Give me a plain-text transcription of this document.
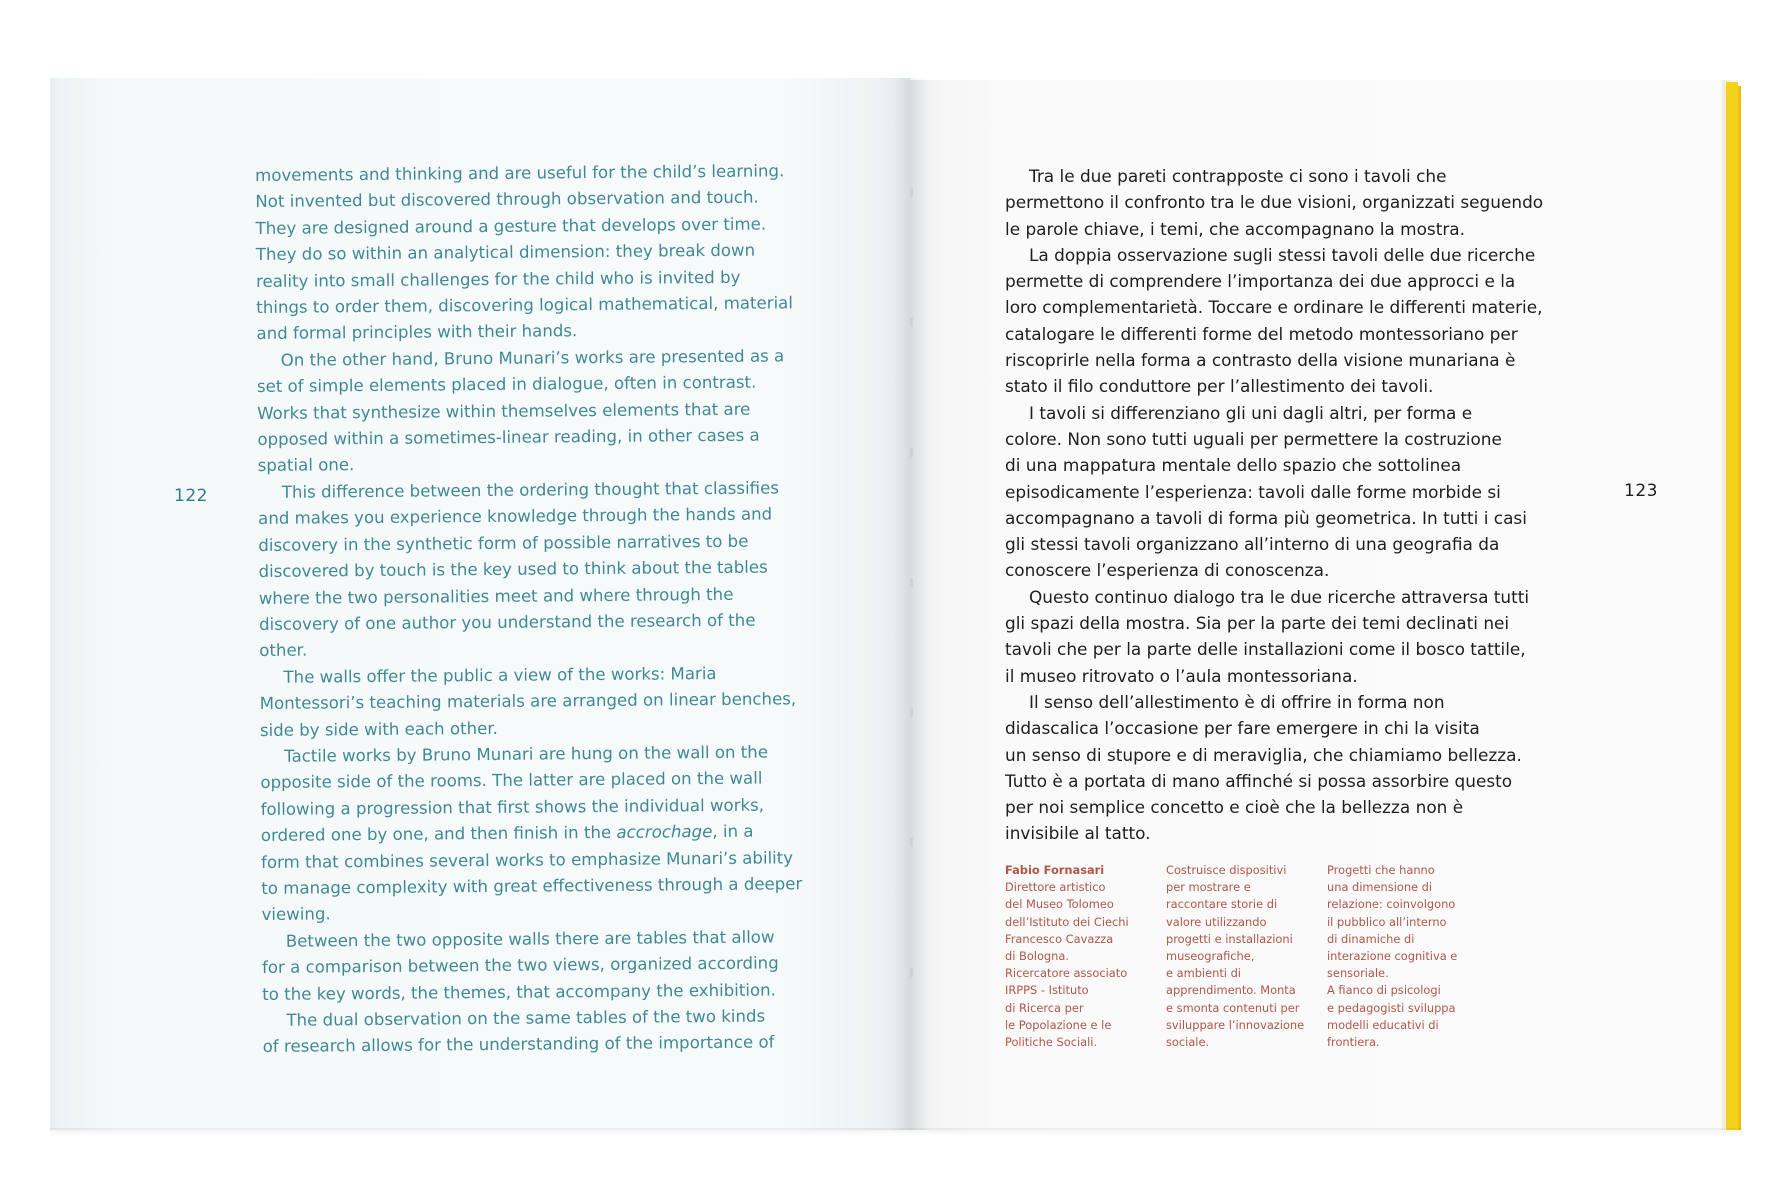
122	123

movements and thinking and are useful for the child’s learning.
Not invented but discovered through observation and touch.
They are designed around a gesture that develops over time.
They do so within an analytical dimension: they break down
reality into small challenges for the child who is invited by
things to order them, discovering logical mathematical, material
and formal principles with their hands.

On the other hand, Bruno Munari’s works are presented as a
set of simple elements placed in dialogue, often in contrast.
Works that synthesize within themselves elements that are
opposed within a sometimes-linear reading, in other cases a
spatial one.

This difference between the ordering thought that classifies
and makes you experience knowledge through the hands and
discovery in the synthetic form of possible narratives to be
discovered by touch is the key used to think about the tables
where the two personalities meet and where through the
discovery of one author you understand the research of the
other.

The walls offer the public a view of the works: Maria
Montessori’s teaching materials are arranged on linear benches,
side by side with each other.

Tactile works by Bruno Munari are hung on the wall on the
opposite side of the rooms. The latter are placed on the wall
following a progression that first shows the individual works,
ordered one by one, and then finish in the accrochage, in a
form that combines several works to emphasize Munari’s ability
to manage complexity with great effectiveness through a deeper
viewing.

Between the two opposite walls there are tables that allow
for a comparison between the two views, organized according
to the key words, the themes, that accompany the exhibition.

The dual observation on the same tables of the two kinds
of research allows for the understanding of the importance of

Tra le due pareti contrapposte ci sono i tavoli che
permettono il confronto tra le due visioni, organizzati seguendo
le parole chiave, i temi, che accompagnano la mostra.

La doppia osservazione sugli stessi tavoli delle due ricerche
permette di comprendere l’importanza dei due approcci e la
loro complementarietà. Toccare e ordinare le differenti materie,
catalogare le differenti forme del metodo montessoriano per
riscoprirle nella forma a contrasto della visione munariana è
stato il filo conduttore per l’allestimento dei tavoli.

I tavoli si differenziano gli uni dagli altri, per forma e
colore. Non sono tutti uguali per permettere la costruzione
di una mappatura mentale dello spazio che sottolinea
episodicamente l’esperienza: tavoli dalle forme morbide si
accompagnano a tavoli di forma più geometrica. In tutti i casi
gli stessi tavoli organizzano all’interno di una geografia da
conoscere l’esperienza di conoscenza.

Questo continuo dialogo tra le due ricerche attraversa tutti
gli spazi della mostra. Sia per la parte dei temi declinati nei
tavoli che per la parte delle installazioni come il bosco tattile,
il museo ritrovato o l’aula montessoriana.

Il senso dell’allestimento è di offrire in forma non
didascalica l’occasione per fare emergere in chi la visita
un senso di stupore e di meraviglia, che chiamiamo bellezza.

Tutto è a portata di mano affinché si possa assorbire questo
per noi semplice concetto e cioè che la bellezza non è
invisibile al tatto.

Fabio Fornasari
Direttore artistico
del Museo Tolomeo
dell’Istituto dei Ciechi
Francesco Cavazza
di Bologna.
Ricercatore associato
IRPPS - Istituto
di Ricerca per
le Popolazione e le
Politiche Sociali.
Costruisce dispositivi
per mostrare e
raccontare storie di
valore utilizzando
progetti e installazioni
museografiche,
e ambienti di
apprendimento. Monta
e smonta contenuti per
sviluppare l’innovazione
sociale.
Progetti che hanno
una dimensione di
relazione: coinvolgono
il pubblico all’interno
di dinamiche di
interazione cognitiva e
sensoriale.
A fianco di psicologi
e pedagogisti sviluppa
modelli educativi di
frontiera.
